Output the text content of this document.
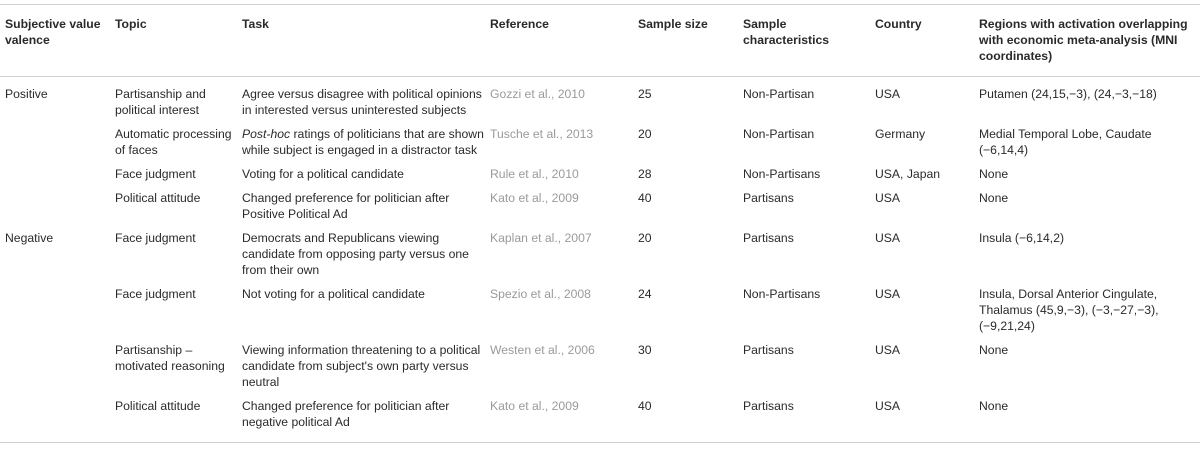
Subjective value valence	Topic	Task	Reference	Sample size	Sample characteristics	Country	Regions with activation overlapping with economic meta-analysis (MNI coordinates)
Positive	Partisanship and political interest	Agree versus disagree with political opinions in interested versus uninterested subjects	Gozzi et al., 2010	25	Non-Partisan	USA	Putamen (24,15,−3), (24,−3,−18)
	Automatic processing of faces	Post-hoc ratings of politicians that are shown while subject is engaged in a distractor task	Tusche et al., 2013	20	Non-Partisan	Germany	Medial Temporal Lobe, Caudate (−6,14,4)
	Face judgment	Voting for a political candidate	Rule et al., 2010	28	Non-Partisans	USA, Japan	None
	Political attitude	Changed preference for politician after Positive Political Ad	Kato et al., 2009	40	Partisans	USA	None
Negative	Face judgment	Democrats and Republicans viewing candidate from opposing party versus one from their own	Kaplan et al., 2007	20	Partisans	USA	Insula (−6,14,2)
	Face judgment	Not voting for a political candidate	Spezio et al., 2008	24	Non-Partisans	USA	Insula, Dorsal Anterior Cingulate, Thalamus (45,9,−3), (−3,−27,−3), (−9,21,24)
	Partisanship – motivated reasoning	Viewing information threatening to a political candidate from subject's own party versus neutral	Westen et al., 2006	30	Partisans	USA	None
	Political attitude	Changed preference for politician after negative political Ad	Kato et al., 2009	40	Partisans	USA	None
